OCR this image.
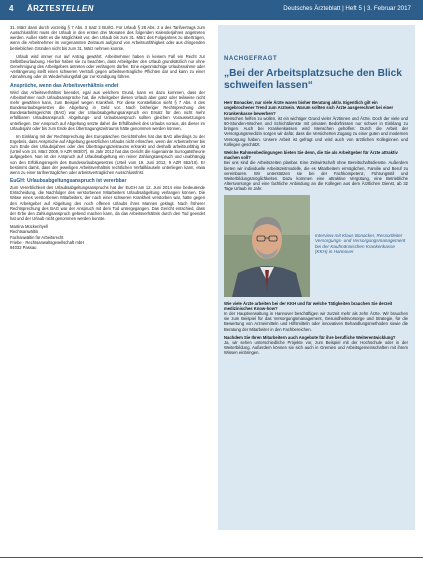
4 ÄRZTESTELLEN	Deutsches Ärzteblatt | Heft 5 | 3. Februar 2017

31. März dann durch vorzeitig § 7 Abs. 3 Satz 2 BUrlG. Für Urlaub § 28 Abs. 2 a des Tarifvertrags zum Ausschlussfrist muss der Urlaub in den ersten drei Monaten des folgenden Kalenderjahres angetreten werden. Außer steht es die Möglichkeit vor, den Urlaub bis zum 31. März des Folgejahres zu übertragen, wenn die Arbeitnehmer im vorgenannten Zeitraum aufgrund von Arbeitsunfähigkeit oder aus dringenden betrieblichen Gründen nicht bis zum 31. März nehmen konnte.

Urlaub wird immer nur auf Antrag gewährt. Arbeitnehmer haben in keinem Fall ein Recht zur Selbstbeurlaubung. Hierbei haben sie zu beachten, dass Arbeitgeber den Urlaub grundsätzlich nur ohne Genehmigung des Arbeitgebers antreten oder verlängern dürfen. Eine eigenmächtige Urlaubsnahme oder -verlängerung stellt einen schweren Verstoß gegen arbeitsvertragliche Pflichten dar und kann zu einer Abmahnung oder im Wiederholungsfall gar zur Kündigung führen.

Ansprüche, wenn das Arbeitsverhältnis endet

Wird das Arbeitsverhältnis beendet, egal aus welchem Grund, kann es dazu kommen, dass der Arbeitnehmer noch Urlaubsansprüche hat, die Arbeitgeber diesen Urlaub aber ganz oder teilweise nicht mehr gewähren kann, zum Beispiel wegen Krankheit. Für diese Konstellation sieht § 7 Abs. 4 des Bundesurlaubsgesetzes die Abgeltung in Geld vor. Nach bisheriger Rechtsprechung des Bundesarbeitsgerichts (BAG) war der Urlaubsabgeltungsanspruch ein Ersatz für den nicht mehr erfüllbaren Urlaubsanspruch. Abgeltungs- und Urlaubsanspruch sollten gleichen Voraussetzungen unterliegen. Der Anspruch auf Abgeltung setzte daher die Erfüllbarkeit des Urlaubs voraus, als dieser im Urlaubsjahr oder bis zum Ende des Übertragungszeitraums hätte genommen werden können.

Im Einklang mit der Rechtsprechung des Europäischen Gerichtshofes hat das BAG allerdings zu der Ergebnis, dass Ansprüche auf Abgeltung gesetzlichen Urlaubs nicht erlöschen, wenn der Arbeitnehmer bis zum Ende des Urlaubsjahres oder des Übertragungszeitraums erkrankt und deshalb arbeitsunfähig ist (Urteil vom 24. März 2009, 9 AZR 983/07). Im Jahr 2012 hat das Gericht die sogenannte Surrogatstheorie aufgegeben. Nun ist der Anspruch auf Urlaubsabgeltung ein reiner Zahlungsanspruch und unabhängig von den Erfüllungsregeln des Bundesurlaubsgesetzes (Urteil vom 19. Juni 2012, 9 AZR 652/10). Er bestimmt damit, dass der jeweiligen Arbeitsverhältnis rechtlichen Verfallklauseln unterliegen kann, etwa wenn zu einer tarifvertraglichen oder arbeitsvertraglichen Ausschlussfrist.

EuGH: Urlaubsabgeltungsanspruch ist vererbbar

Zum Vererblichkeit des Urlaubsabgeltungsanspruchs hat der EuGH am 12. Juni 2014 eine bedeutende Entscheidung, die Nachfolger des verstorbenen Mitarbeiters Urlaubsabgeltung verlangen können. Die Witwe eines verstorbenen Mitarbeiters, der nach einer schweren Krankheit verstorben war, hatte gegen den Arbeitgeber auf Abgeltung des noch offenen Urlaubs ihres Mannes geklagt. Nach früherer Rechtsprechung des BAG war der Anspruch mit dem Tod untergegangen. Das Gericht entschied, dass der Erbe den Zahlungsanspruch geltend machen kann, da das Arbeitsverhältnis durch den Tod geendet hat und der Urlaub nicht genommen werden konnte.

Martina Mückenhyell
Rechtsanwältin
Fachanwältin für Arbeitsrecht
Friebe · Rechtsanwaltsgesellschaft mbH
94032 Passau
NACHGEFRAGT
„Bei der Arbeitsplatzsuche den Blick schweifen lassen“

Herr Bonacker, nur viele Ärzte waren bisher Beratung aktiv. Eigentlich gilt ein ungebrochener Trend zum Arztsein. Warum sollten sich Ärzte ausgerechnet bei einer Krankenkasse bewerben?

Menschen helfen zu wollen, ist ein wichtiger Grund vieler Ärztinnen und Ärzte. Doch der viele und 60-Stunden-Wochen und Schichtdienste mit privaten Bedürfnissen nur schwer in Einklang zu bringen. Auch bei Krankenkassen wird Menschen geholfen: Durch die Arbeit der Versorgungsmedizin sorgen wir dafür, dass die Versicherten Zugang zu einer guten und modernen Versorgung haben. Unsere Arbeit ist gefragt und wird auch von ärztlichen Kolleginnen und Kollegen geschätzt.

Welche Rahmenbedingungen bieten Sie denn, die Sie als Arbeitgeber für Ärzte attraktiv machen soll?

Bei uns sind die Arbeitszeiten planbar. Eine Zeitwirtschaft ohne Bereitschaftsdienste. Außerdem bieten wir individuelle Arbeitszeitmodelle, die es Mitarbeitern ermöglichen, Familie und Beruf zu vereinbaren. Wir unterstützen sie bei der Fachkompetenz, Führungsstil und Weiterbildungsmöglichkeiten. Dazu kommen eine attraktive Vergütung, eine Betriebliche Altersvorsorge und eine fachliche Anbindung an die Kollegen aus dem Ärztlichen Dienst, ab 32 Tage Urlaub im Jahr.

Interview mit Klaus Bonacker, Ressortleiter Versorgungs- und Versorgungsmanagement bei der Kaufmännischen Krankenkasse (KKH) in Hannover

Wie viele Ärzte arbeiten bei der KKH und für welche Tätigkeiten brauchen Sie derzeit medizinisches Know-how?

In der Hauptverwaltung in Hannover beschäftigen wir zurzeit mehr als zehn Ärzte. Wir brauchen sie zum Beispiel für das Versorgungsmanagement, Gesundheitsvorsorge und Strategie, für die Bewertung von Arzneimitteln und Hilfsmitteln oder innovativen Behandlungsmethoden sowie die Beratung der Mitarbeiter in den Fachbereichen.

Nachdem Sie Ihren Mitarbeitern auch Angebote für ihre berufliche Weiterentwicklung?

Ja, wir sehen unterschiedliche Projekte vor, zum Beispiel mit der Hochschule oder in der Weiterbildung. Außerdem können sie sich auch in Gremien und Arbeitsgemeinschaften mit ihrem Wissen einbringen.
